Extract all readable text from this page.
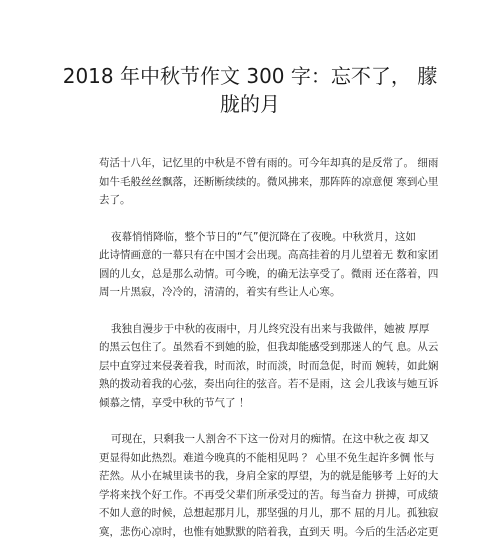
2018 年中秋节作文 300 字：忘不了， 朦
胧的月

苟活十八年，记忆里的中秋是不曾有雨的。可今年却真的是反常了。 细雨
如牛毛般丝丝飘落，还断断续续的。微风拂来，那阵阵的凉意便 寒到心里
去了。

夜幕悄悄降临，整个节日的“气”便沉降在了夜晚。中秋赏月，这如
此诗情画意的一幕只有在中国才会出现。高高挂着的月儿望着无 数和家团
圆的儿女，总是那么动情。可今晚，的确无法享受了。微雨 还在落着，四
周一片黑寂，冷冷的，清清的，着实有些让人心寒。

我独自漫步于中秋的夜雨中，月儿终究没有出来与我做伴，她被 厚厚
的黑云包住了。虽然看不到她的脸，但我却能感受到那迷人的气 息。从云
层中直穿过来侵袭着我，时而浓，时而淡，时而急促，时而 婉转，如此娴
熟的拨动着我的心弦，奏出向往的弦音。若不是雨，这 会儿我该与她互诉
倾慕之情，享受中秋的节气了 ！

可现在，只剩我一人割舍不下这一份对月的痴情。在这中秋之夜 却又
更显得如此热烈。难道今晚真的不能相见吗 ？ 心里不免生起许多惆 怅与
茫然。从小在城里读书的我，身肩全家的厚望，为的就是能够考 上好的大
学将来找个好工作。不再受父辈们所承受过的苦。每当奋力 拼搏，可成绩
不如人意的时候，总想起那月儿，那坚强的月儿，那不 屈的月儿。孤独寂
寞，悲伤心凉时，也惟有她默默的陪着我，直到天 明。今后的生活必定更
